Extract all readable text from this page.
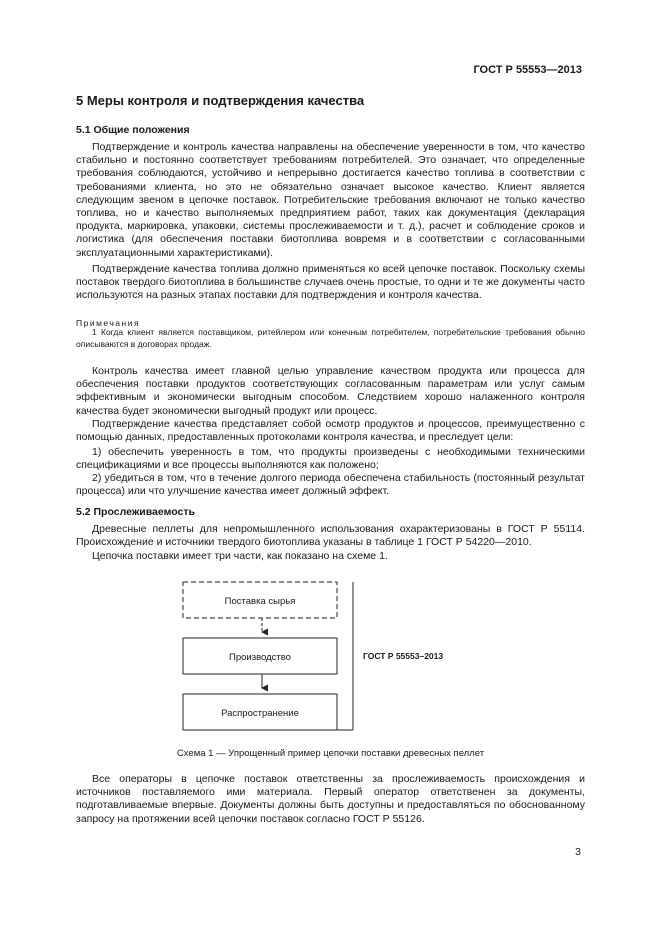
ГОСТ Р 55553—2013
5 Меры контроля и подтверждения качества
5.1 Общие положения

Подтверждение и контроль качества направлены на обеспечение уверенности в том, что качество стабильно и постоянно соответствует требованиям потребителей. Это означает, что определенные требования соблюдаются, устойчиво и непрерывно достигается качество топлива в соответствии с требованиями клиента, но это не обязательно означает высокое качество. Клиент является следующим звеном в цепочке поставок. Потребительские требования включают не только качество топлива, но и качество выполняемых предприятием работ, таких как документация (декларация продукта, маркировка, упаковки, системы прослеживаемости и т. д.), расчет и соблюдение сроков и логистика (для обеспечения поставки биотоплива вовремя и в соответствии с согласованными эксплуатационными характеристиками).

Подтверждение качества топлива должно применяться ко всей цепочке поставок. Поскольку схемы поставок твердого биотоплива в большинстве случаев очень простые, то одни и те же документы часто используются на разных этапах поставки для подтверждения и контроля качества.

Примечания

1 Когда клиент является поставщиком, ритейлером или конечным потребителем, потребительские требования обычно описываются в договорах продаж.

Контроль качества имеет главной целью управление качеством продукта или процесса для обеспечения поставки продуктов соответствующих согласованным параметрам или услуг самым эффективным и экономически выгодным способом. Следствием хорошо налаженного контроля качества будет экономически выгодный продукт или процесс.

Подтверждение качества представляет собой осмотр продуктов и процессов, преимущественно с помощью данных, предоставленных протоколами контроля качества, и преследует цели:

1) обеспечить уверенность в том, что продукты произведены с необходимыми техническими спецификациями и все процессы выполняются как положено;

2) убедиться в том, что в течение долгого периода обеспечена стабильность (постоянный результат процесса) или что улучшение качества имеет должный эффект.

5.2 Прослеживаемость

Древесные пеллеты для непромышленного использования охарактеризованы в ГОСТ Р 55114. Происхождение и источники твердого биотоплива указаны в таблице 1 ГОСТ Р 54220—2010.

Цепочка поставки имеет три части, как показано на схеме 1.

Поставка сырья
Производство
Распространение
ГОСТ Р 55553–2013
Схема 1 — Упрощенный пример цепочки поставки древесных пеллет

Все операторы в цепочке поставок ответственны за прослеживаемость происхождения и источников поставляемого ими материала. Первый оператор ответственен за документы, подготавливаемые впервые. Документы должны быть доступны и предоставляться по обоснованному запросу на протяжении всей цепочки поставок согласно ГОСТ Р 55126.

3
